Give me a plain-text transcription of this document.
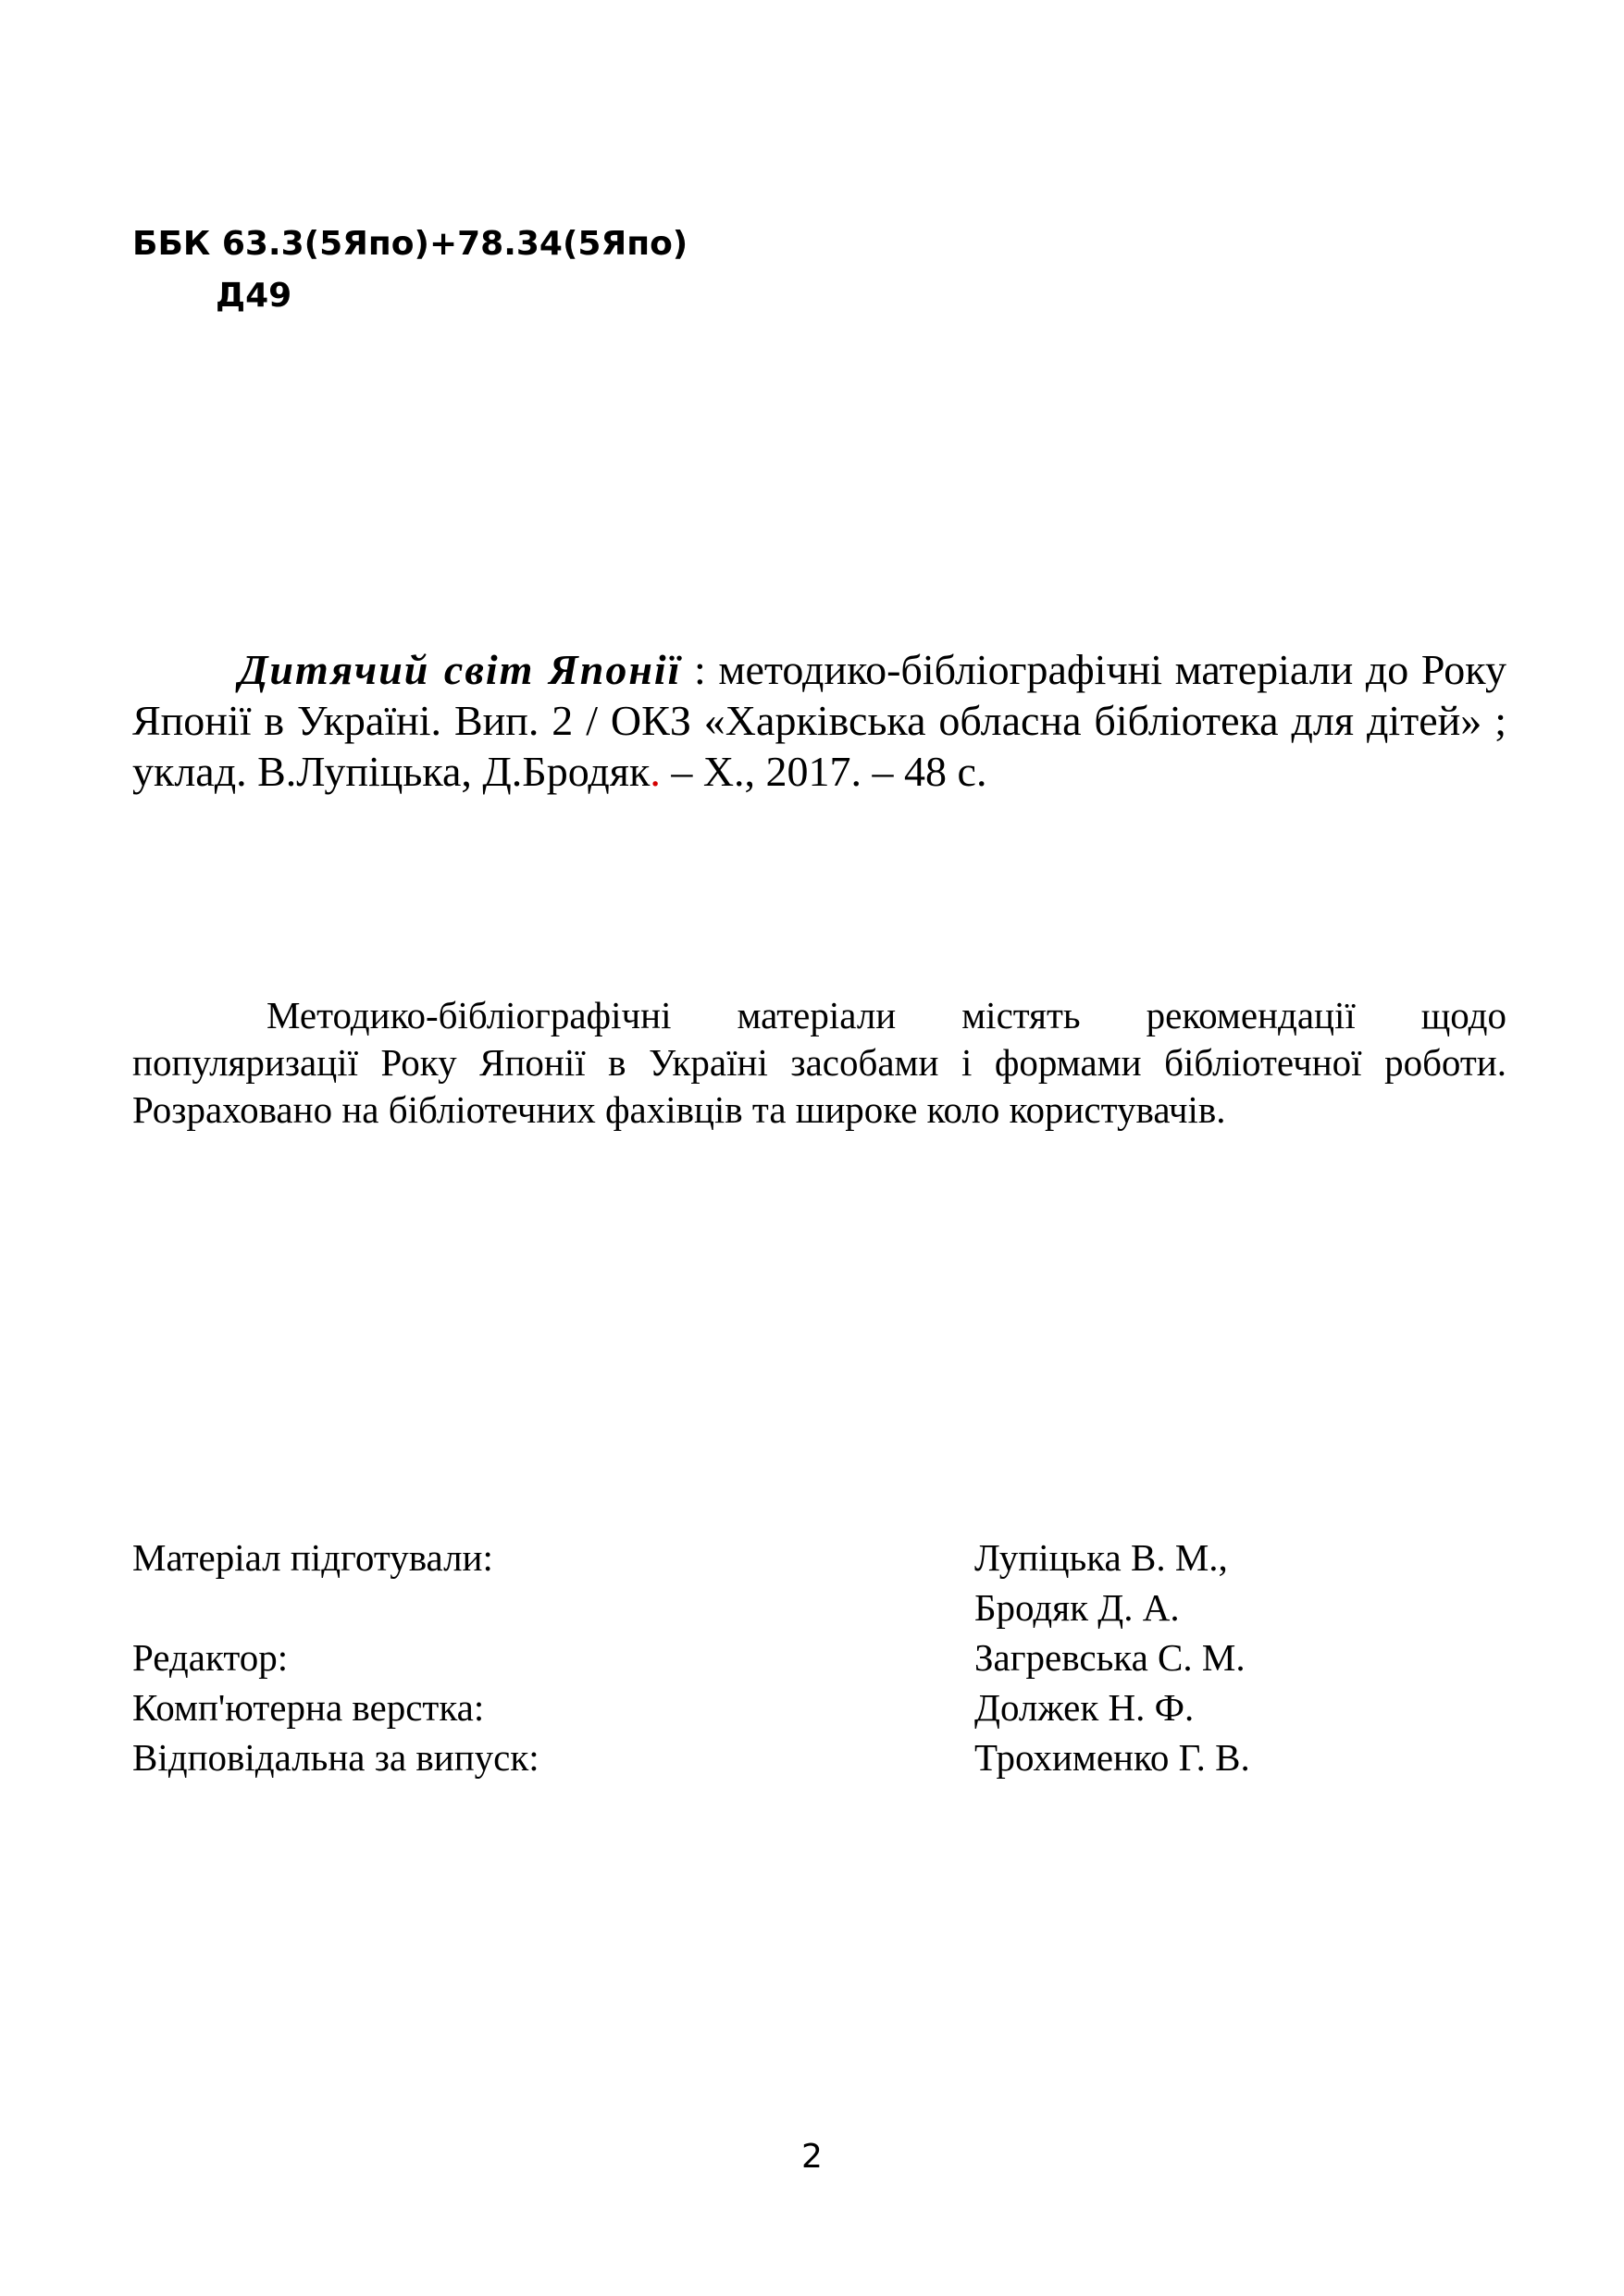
ББК 63.3(5Япо)+78.34(5Япо)
Д49
Дитячий світ Японії : методико-бібліографічні матеріали до Року Японії в Україні. Вип. 2 / ОКЗ «Харківська обласна бібліотека для дітей» ; уклад. В.Лупіцька, Д.Бродяк. – Х., 2017. – 48 с.
Методико-бібліографічні матеріали містять рекомендації щодо популяризації Року Японії в Україні засобами і формами бібліотечної роботи. Розраховано на бібліотечних фахівців та широке коло користувачів.
Матеріал підготували:	Лупіцька В. М.,
Бродяк Д. А.
Редактор:	Загревська С. М.
Комп'ютерна верстка:	Должек Н. Ф.
Відповідальна за випуск:	Трохименко Г. В.
2
